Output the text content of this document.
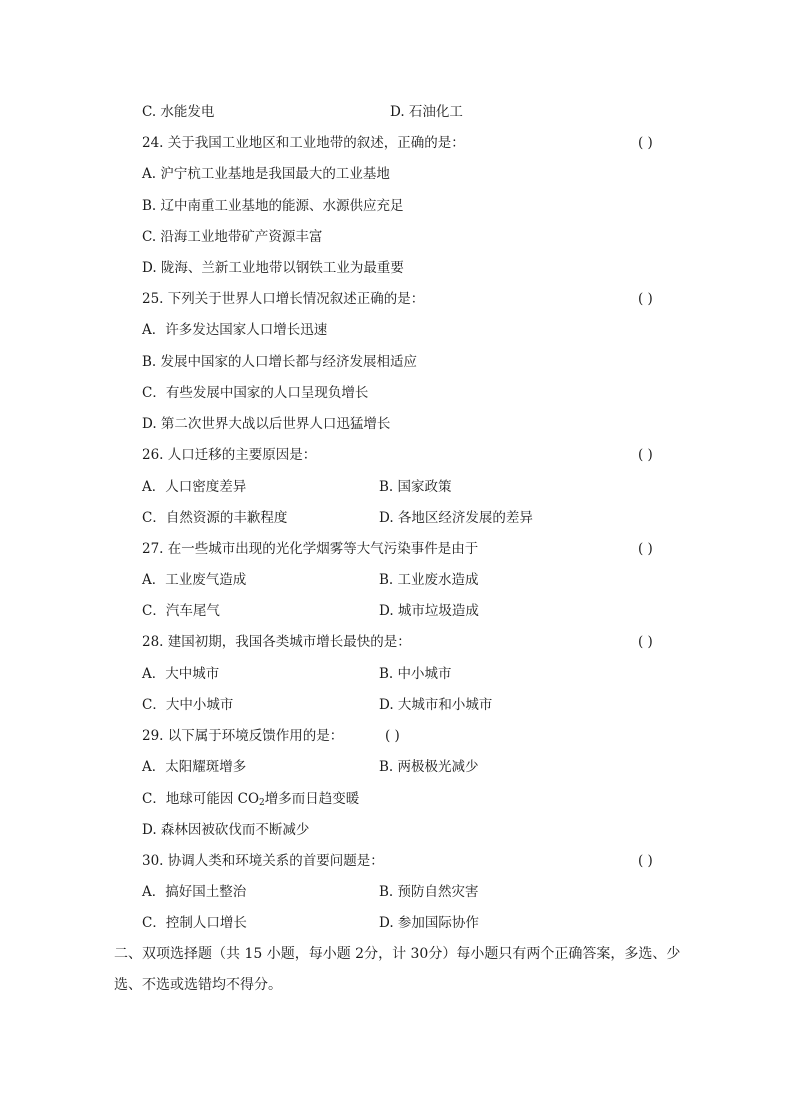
C. 水能发电	D. 石油化工
24. 关于我国工业地区和工业地带的叙述，正确的是：	( )
A. 沪宁杭工业基地是我国最大的工业基地
B. 辽中南重工业基地的能源、水源供应充足
C. 沿海工业地带矿产资源丰富
D. 陇海、兰新工业地带以钢铁工业为最重要
25. 下列关于世界人口增长情况叙述正确的是：	( )
A．许多发达国家人口增长迅速
B. 发展中国家的人口增长都与经济发展相适应
C．有些发展中国家的人口呈现负增长
D. 第二次世界大战以后世界人口迅猛增长
26. 人口迁移的主要原因是：	( )
A．人口密度差异	B. 国家政策
C．自然资源的丰歉程度	D. 各地区经济发展的差异
27. 在一些城市出现的光化学烟雾等大气污染事件是由于	( )
A．工业废气造成	B. 工业废水造成
C．汽车尾气	D. 城市垃圾造成
28. 建国初期，我国各类城市增长最快的是：	( )
A．大中城市	B. 中小城市
C．大中小城市	D. 大城市和小城市
29. 以下属于环境反馈作用的是：	( )
A．太阳耀斑增多	B. 两极极光减少
C．地球可能因 $CO_2$增多而日趋变暖
D. 森林因被砍伐而不断减少
30. 协调人类和环境关系的首要问题是：	( )
A．搞好国土整治	B. 预防自然灾害
C．控制人口增长	D. 参加国际协作
二、双项选择题（共 15 小题，每小题 2分，计 30分）每小题只有两个正确答案，多选、少选、不选或选错均不得分。
